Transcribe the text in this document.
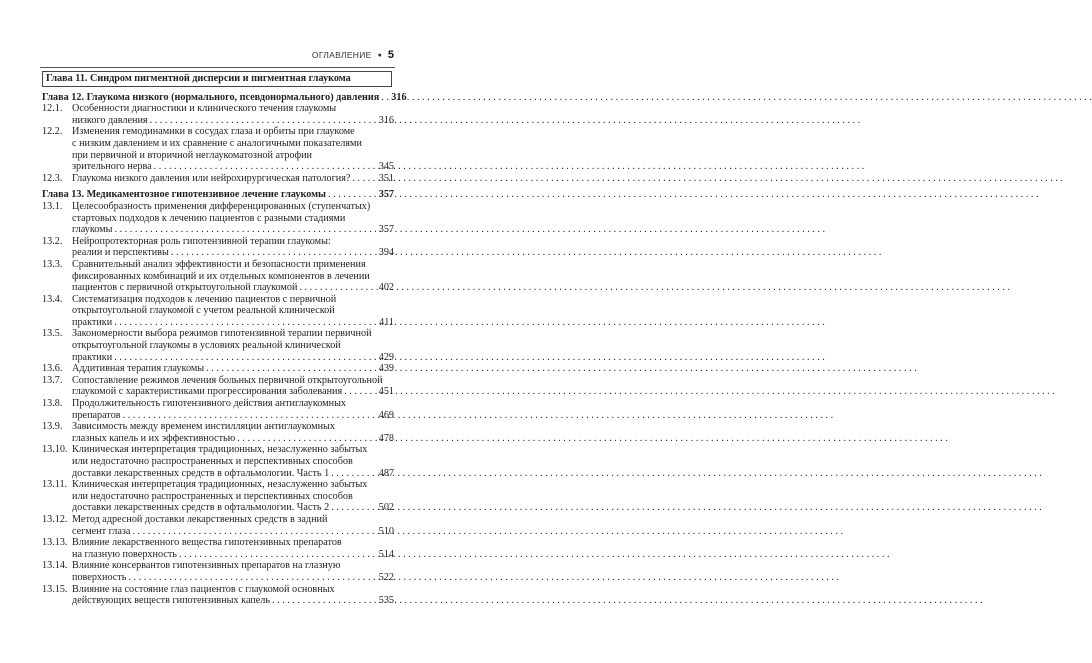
ОГЛАВЛЕНИЕ ● 5
Глава 11. Синдром пигментной дисперсии и пигментная глаукома
Глава 12. Глаукома низкого (нормального, псевдонормального) давления . . . 316
12.1. Особенности диагностики и клинического течения глаукомы
низкого давления . . .	316
12.2. Изменения гемодинамики в сосудах глаза и орбиты при глаукоме
с низким давлением и их сравнение с аналогичными показателями
при первичной и вторичной неглаукоматозной атрофии
зрительного нерва . . .	345
12.3. Глаукома низкого давления или нейрохирургическая патология? . . .	351
Глава 13. Медикаментозное гипотензивное лечение глаукомы . . .	357
13.1. Целесообразность применения дифференцированных (ступенчатых)
стартовых подходов к лечению пациентов с разными стадиями
глаукомы . . .	357
13.2. Нейропротекторная роль гипотензивной терапии глаукомы:
реалии и перспективы . . .	394
13.3. Сравнительный анализ эффективности и безопасности применения
фиксированных комбинаций и их отдельных компонентов в лечении
пациентов с первичной открытоугольной глаукомой . . .	402
13.4. Систематизация подходов к лечению пациентов с первичной
открытоугольной глаукомой с учетом реальной клинической
практики . . .	411
13.5. Закономерности выбора режимов гипотензивной терапии первичной
открытоугольной глаукомы в условиях реальной клинической
практики . . .	429
13.6. Аддитивная терапия глаукомы . . .	439
13.7. Сопоставление режимов лечения больных первичной открытоугольной
глаукомой с характеристиками прогрессирования заболевания . . .	451
13.8. Продолжительность гипотензивного действия антиглаукомных
препаратов . . .	469
13.9. Зависимость между временем инстилляции антиглаукомных
глазных капель и их эффективностью . . .	478
13.10. Клиническая интерпретация традиционных, незаслуженно забытых
или недостаточно распространенных и перспективных способов
доставки лекарственных средств в офтальмологии. Часть 1 . . .	487
13.11. Клиническая интерпретация традиционных, незаслуженно забытых
или недостаточно распространенных и перспективных способов
доставки лекарственных средств в офтальмологии. Часть 2 . . .	502
13.12. Метод адресной доставки лекарственных средств в задний
сегмент глаза . . .	510
13.13. Влияние лекарственного вещества гипотензивных препаратов
на глазную поверхность . . .	514
13.14. Влияние консервантов гипотензивных препаратов на глазную
поверхность . . .	522
13.15. Влияние на состояние глаз пациентов с глаукомой основных
действующих веществ гипотензивных капель . . .	535
